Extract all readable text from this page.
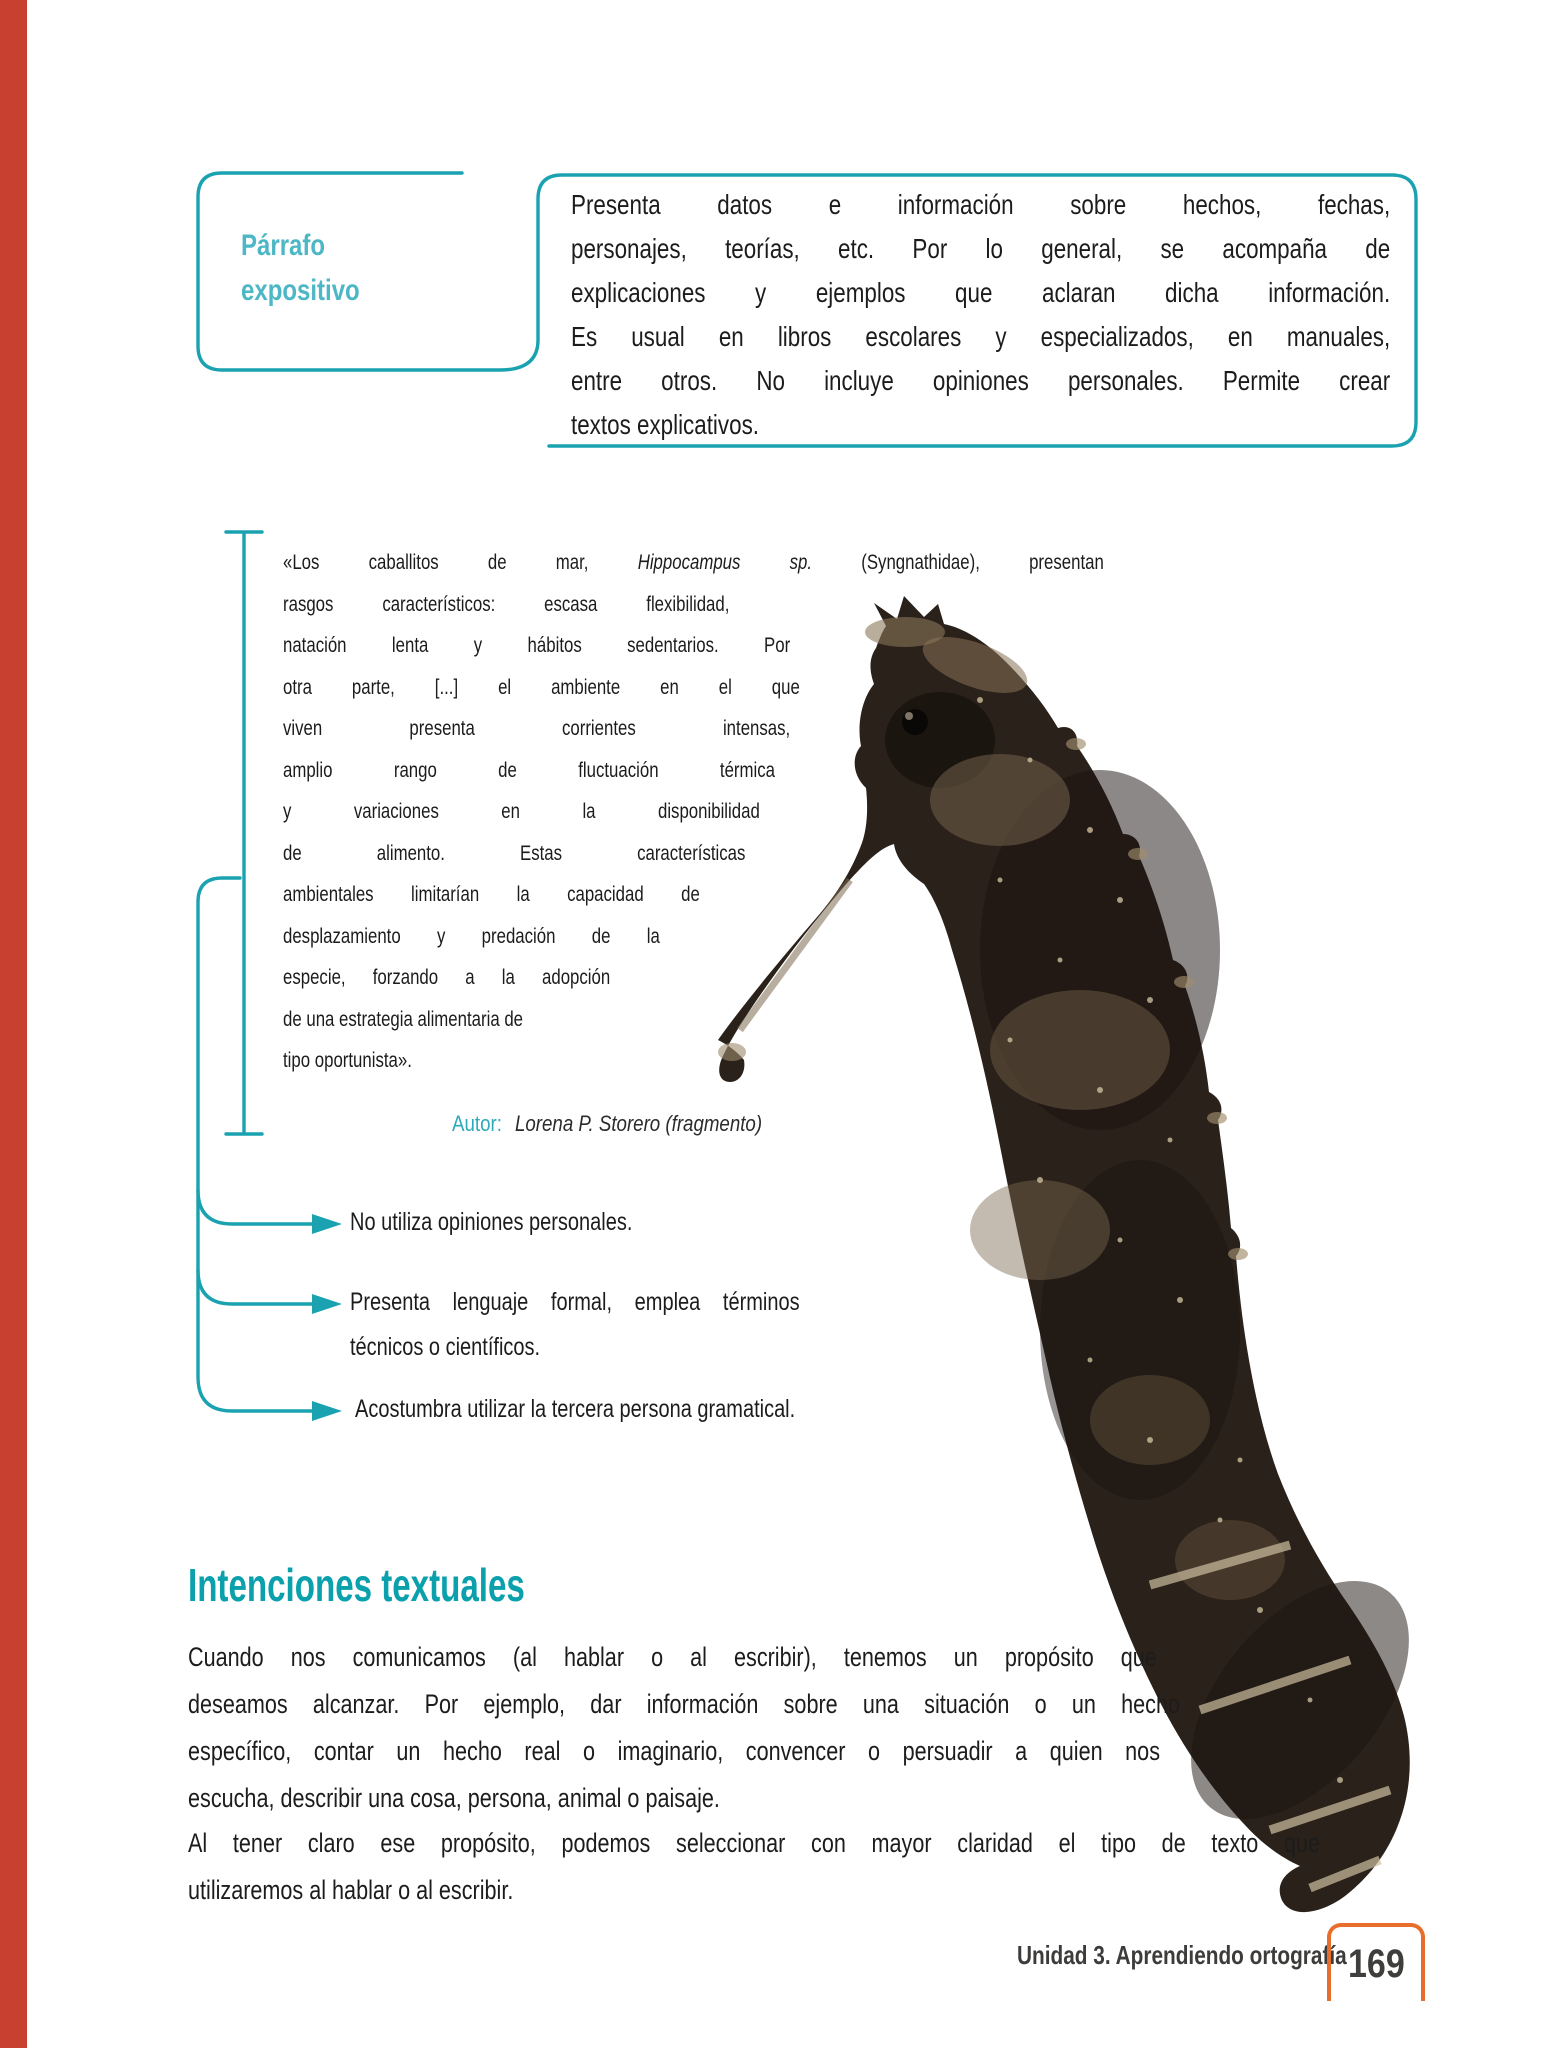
Párrafo
expositivo
Autor: Lorena P. Storero (fragmento)
Intenciones textuales
Unidad 3. Aprendiendo ortografía 169
Presenta datos e información sobre hechos, fechas,
personajes, teorías, etc. Por lo general, se acompaña de
explicaciones y ejemplos que aclaran dicha información.
Es usual en libros escolares y especializados, en manuales,
entre otros. No incluye opiniones personales. Permite crear
textos explicativos.
«Los caballitos de mar, Hippocampus sp. (Syngnathidae), presentan
rasgos característicos: escasa flexibilidad,
natación lenta y hábitos sedentarios. Por
otra parte, [...] el ambiente en el que
viven presenta corrientes intensas,
amplio rango de fluctuación térmica
y variaciones en la disponibilidad
de alimento. Estas características
ambientales limitarían la capacidad de
desplazamiento y predación de la
especie, forzando a la adopción
de una estrategia alimentaria de
tipo oportunista».
No utiliza opiniones personales.
Presenta lenguaje formal, emplea términos
técnicos o científicos.
Acostumbra utilizar la tercera persona gramatical.
Cuando nos comunicamos (al hablar o al escribir), tenemos un propósito que
deseamos alcanzar. Por ejemplo, dar información sobre una situación o un hecho
específico, contar un hecho real o imaginario, convencer o persuadir a quien nos
escucha, describir una cosa, persona, animal o paisaje.
Al tener claro ese propósito, podemos seleccionar con mayor claridad el tipo de texto que
utilizaremos al hablar o al escribir.
